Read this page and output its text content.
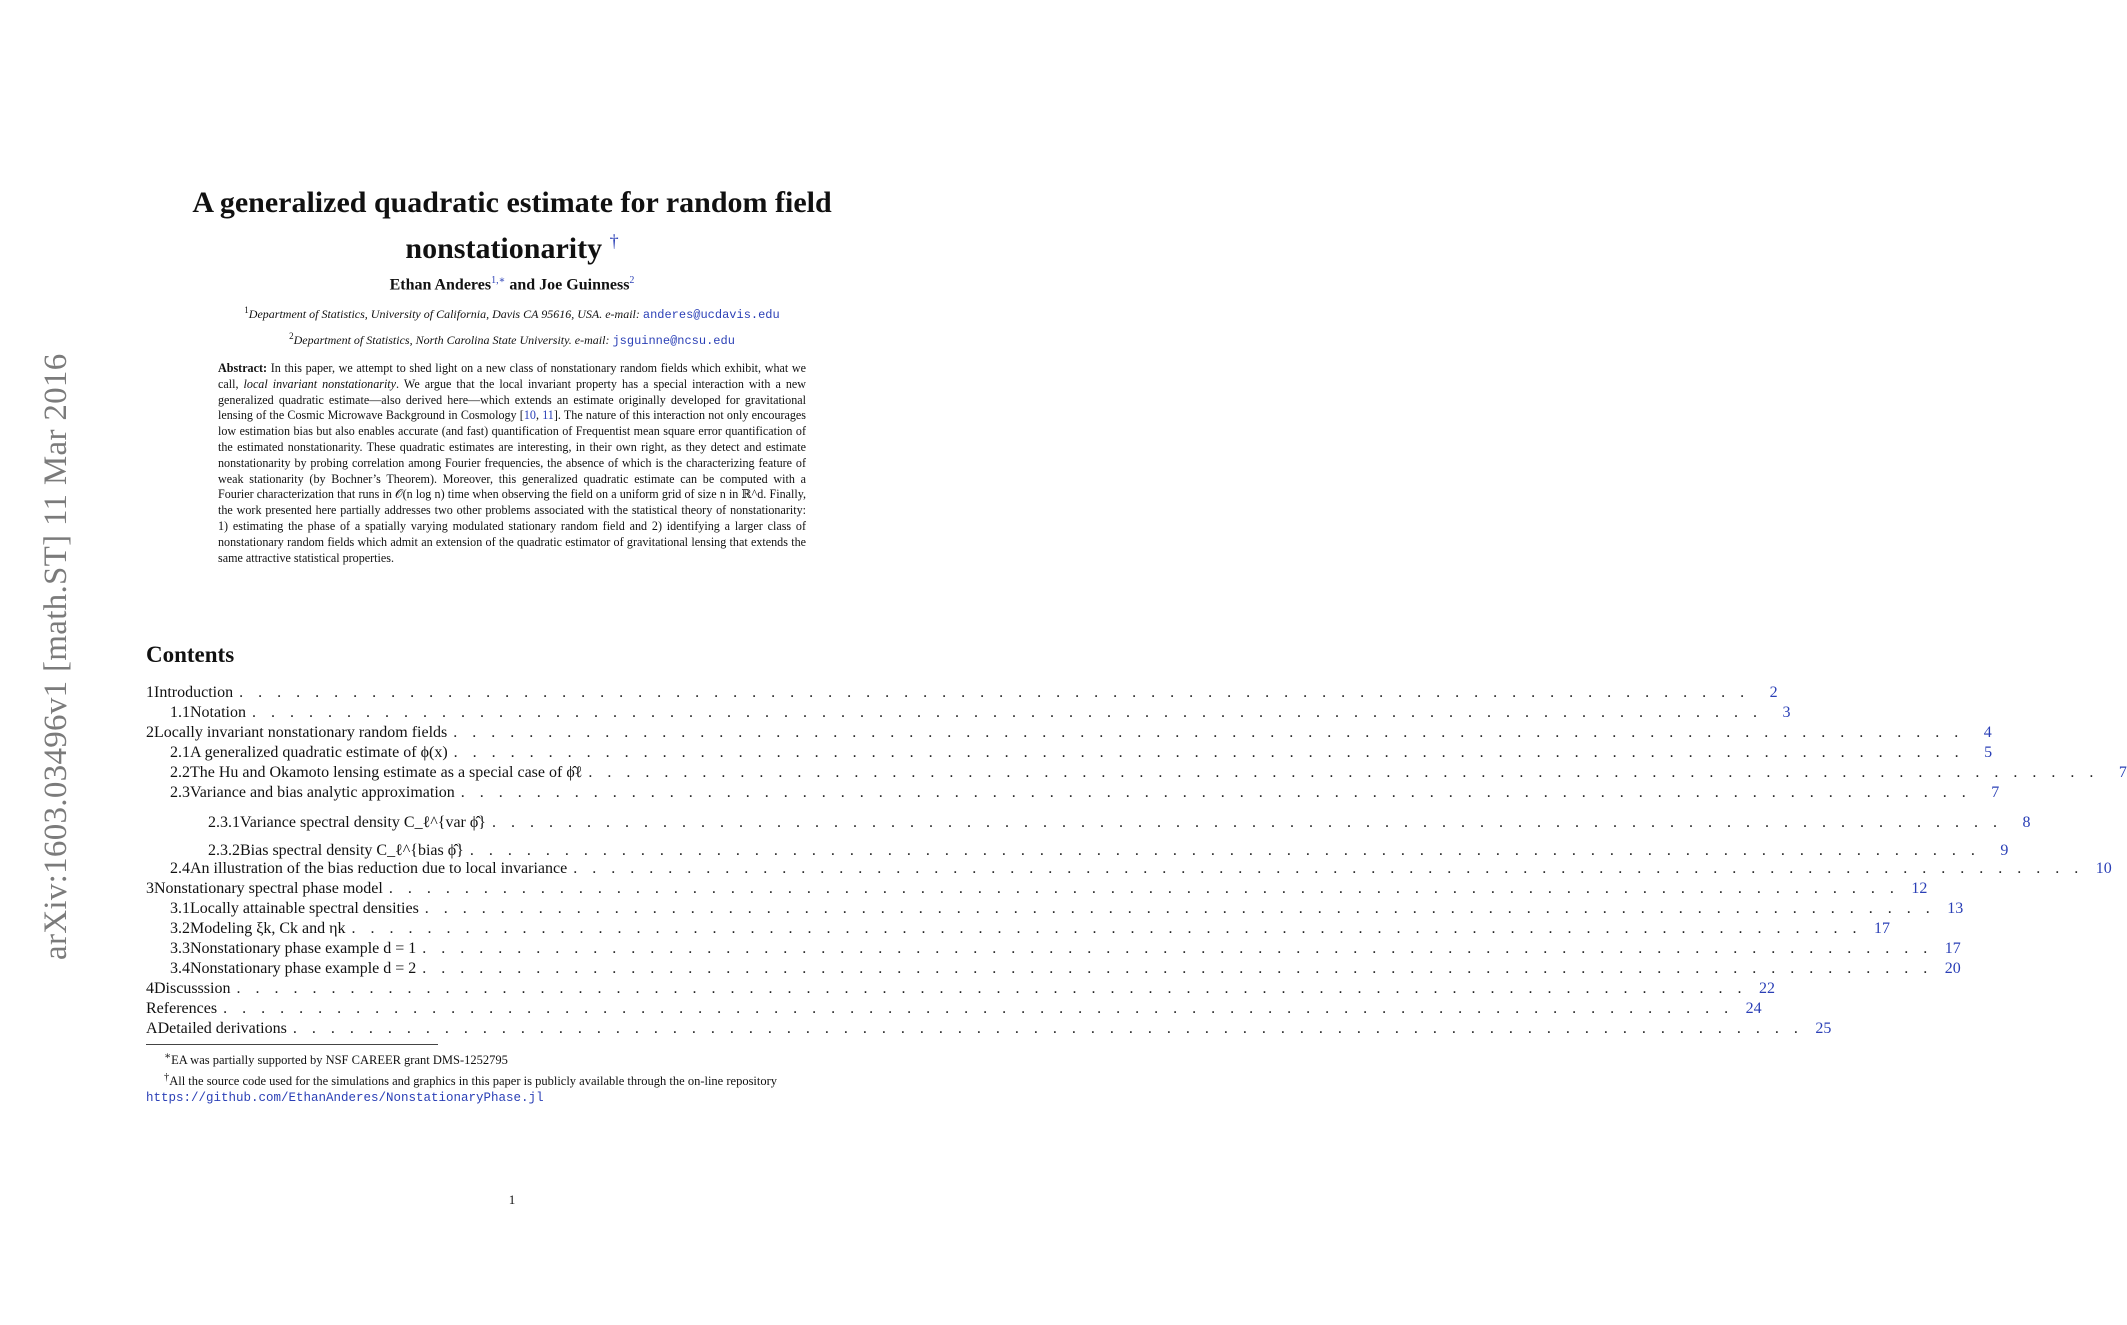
arXiv:1603.03496v1 [math.ST] 11 Mar 2016
A generalized quadratic estimate for random field
nonstationarity †
Ethan Anderes$^{1,∗}$ and Joe Guinness$^2$
$^1$Department of Statistics, University of California, Davis CA 95616, USA. e-mail: anderes@ucdavis.edu
$^2$Department of Statistics, North Carolina State University. e-mail: jsguinne@ncsu.edu
Abstract: In this paper, we attempt to shed light on a new class of nonstationary random fields which exhibit, what we call, local invariant nonstationarity. We argue that the local invariant property has a special interaction with a new generalized quadratic estimate—also derived here—which extends an estimate originally developed for gravitational lensing of the Cosmic Microwave Background in Cosmology [10, 11]. The nature of this interaction not only encourages low estimation bias but also enables accurate (and fast) quantification of Frequentist mean square error quantification of the estimated nonstationarity. These quadratic estimates are interesting, in their own right, as they detect and estimate nonstationarity by probing correlation among Fourier frequencies, the absence of which is the characterizing feature of weak stationarity (by Bochner’s Theorem). Moreover, this generalized quadratic estimate can be computed with a Fourier characterization that runs in 𝒪(n log n) time when observing the field on a uniform grid of size n in ℝ^d. Finally, the work presented here partially addresses two other problems associated with the statistical theory of nonstationarity: 1) estimating the phase of a spatially varying modulated stationary random field and 2) identifying a larger class of nonstationary random fields which admit an extension of the quadratic estimator of gravitational lensing that extends the same attractive statistical properties.
Contents
1 Introduction . . . . . . . . . . . . . . . . . . . . . . . . . . . . . . . . . . . . . . . . . . . . . . . . . . . . . . . . . . . . . . . . . . . . . . . . . . . . . . . .	2
1.1 Notation . . . . . . . . . . . . . . . . . . . . . . . . . . . . . . . . . . . . . . . . . . . . . . . . . . . . . . . . . . . . . . . . . . . . . . . . . . . . . . . .	3
2 Locally invariant nonstationary random fields . . . . . . . . . . . . . . . . . . . . . . . . . . . . . . . . . . . . . . . . . . . . . . . . . . . . . . . . . . . . . . . . . . . . . . . . . . . . . . . .	4
2.1 A generalized quadratic estimate of ϕ(x) . . . . . . . . . . . . . . . . . . . . . . . . . . . . . . . . . . . . . . . . . . . . . . . . . . . . . . . . . . . . . . . . . . . . . . . . . . . . . . . .	5
2.2 The Hu and Okamoto lensing estimate as a special case of ϕ̂ℓ . . . . . . . . . . . . . . . . . . . . . . . . . . . . . . . . . . . . . . . . . . . . . . . . . . . . . . . . . . . . . . . . . . . . . . . . . . . . . . . .	7
2.3 Variance and bias analytic approximation . . . . . . . . . . . . . . . . . . . . . . . . . . . . . . . . . . . . . . . . . . . . . . . . . . . . . . . . . . . . . . . . . . . . . . . . . . . . . . . .	7
2.3.1 Variance spectral density C_ℓ^{var ϕ̂} . . . . . . . . . . . . . . . . . . . . . . . . . . . . . . . . . . . . . . . . . . . . . . . . . . . . . . . . . . . . . . . . . . . . . . . . . . . . . . . .	8
2.3.2 Bias spectral density C_ℓ^{bias ϕ̂} . . . . . . . . . . . . . . . . . . . . . . . . . . . . . . . . . . . . . . . . . . . . . . . . . . . . . . . . . . . . . . . . . . . . . . . . . . . . . . . .	9
2.4 An illustration of the bias reduction due to local invariance . . . . . . . . . . . . . . . . . . . . . . . . . . . . . . . . . . . . . . . . . . . . . . . . . . . . . . . . . . . . . . . . . . . . . . . . . . . . . . . . 10
3 Nonstationary spectral phase model . . . . . . . . . . . . . . . . . . . . . . . . . . . . . . . . . . . . . . . . . . . . . . . . . . . . . . . . . . . . . . . . . . . . . . . . . . . . . . . . 12
3.1 Locally attainable spectral densities . . . . . . . . . . . . . . . . . . . . . . . . . . . . . . . . . . . . . . . . . . . . . . . . . . . . . . . . . . . . . . . . . . . . . . . . . . . . . . . . 13
3.2 Modeling ξk, Ck and ηk . . . . . . . . . . . . . . . . . . . . . . . . . . . . . . . . . . . . . . . . . . . . . . . . . . . . . . . . . . . . . . . . . . . . . . . . . . . . . . . . 17
3.3 Nonstationary phase example d = 1 . . . . . . . . . . . . . . . . . . . . . . . . . . . . . . . . . . . . . . . . . . . . . . . . . . . . . . . . . . . . . . . . . . . . . . . . . . . . . . . . 17
3.4 Nonstationary phase example d = 2 . . . . . . . . . . . . . . . . . . . . . . . . . . . . . . . . . . . . . . . . . . . . . . . . . . . . . . . . . . . . . . . . . . . . . . . . . . . . . . . . 20
4 Discusssion . . . . . . . . . . . . . . . . . . . . . . . . . . . . . . . . . . . . . . . . . . . . . . . . . . . . . . . . . . . . . . . . . . . . . . . . . . . . . . . . 22
References . . . . . . . . . . . . . . . . . . . . . . . . . . . . . . . . . . . . . . . . . . . . . . . . . . . . . . . . . . . . . . . . . . . . . . . . . . . . . . . . 24
A Detailed derivations . . . . . . . . . . . . . . . . . . . . . . . . . . . . . . . . . . . . . . . . . . . . . . . . . . . . . . . . . . . . . . . . . . . . . . . . . . . . . . . . 25
∗EA was partially supported by NSF CAREER grant DMS-1252795
†All the source code used for the simulations and graphics in this paper is publicly available through the on-line repository
https://github.com/EthanAnderes/NonstationaryPhase.jl
1
